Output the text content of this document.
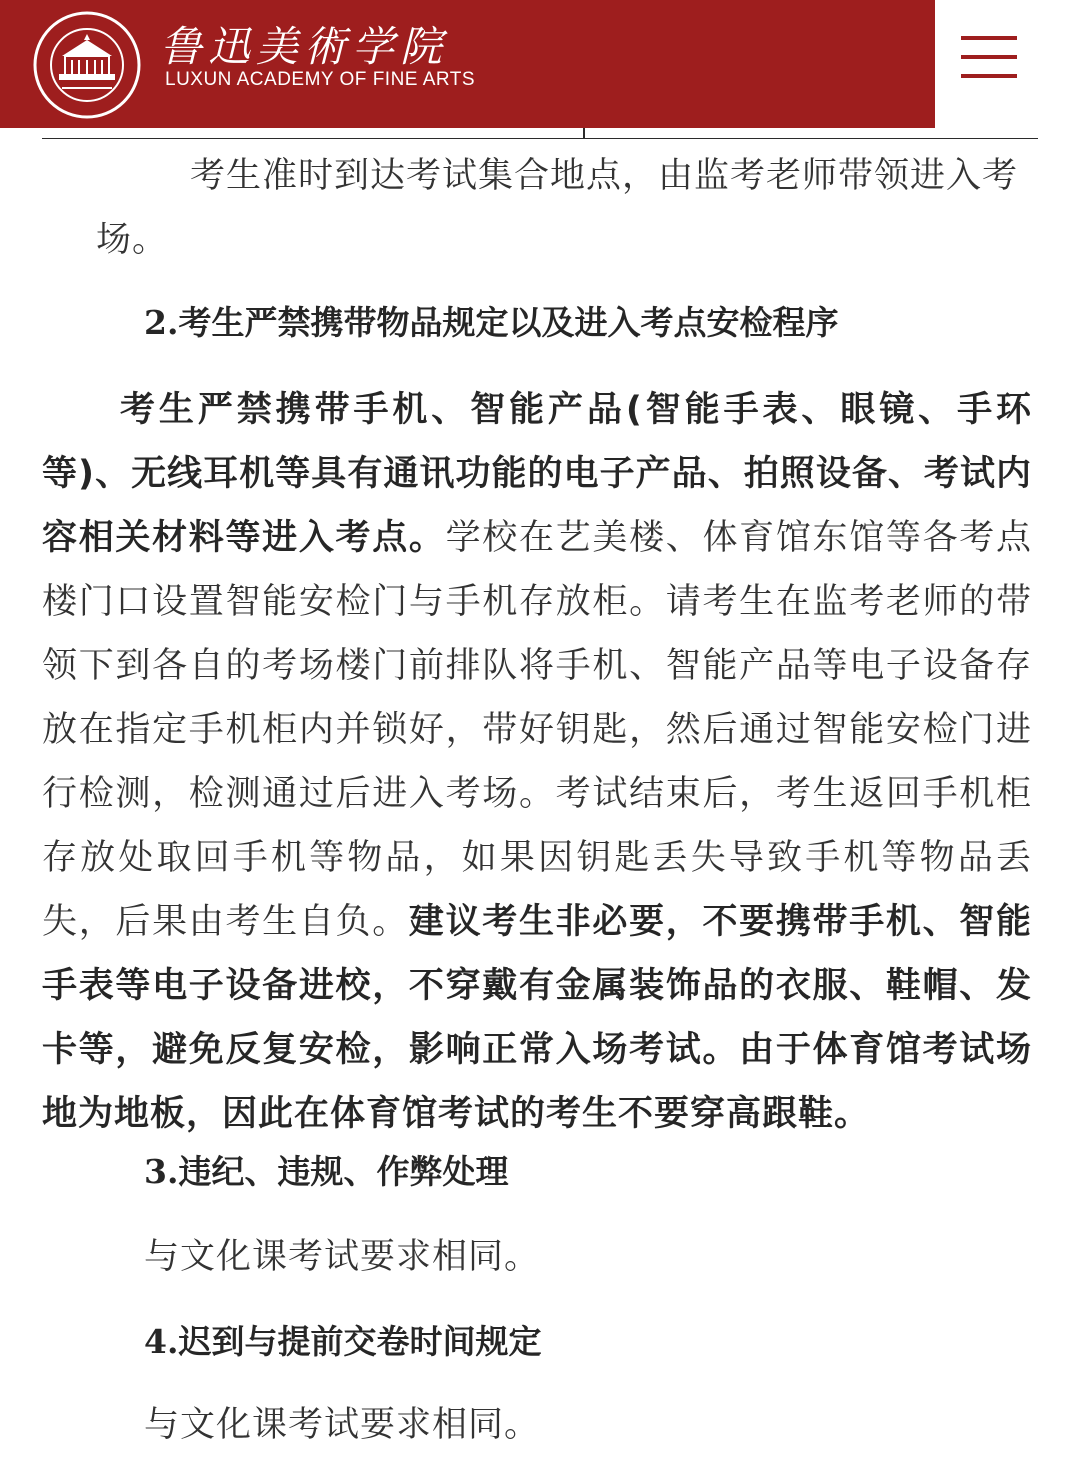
鲁迅美術学院
LUXUN ACADEMY OF FINE ARTS

考生准时到达考试集合地点，由监考老师带领进入考

场。

2.考生严禁携带物品规定以及进入考点安检程序

考生严禁携带手机、智能产品(智能手表、眼镜、手环等)、无线耳机等具有通讯功能的电子产品、拍照设备、考试内容相关材料等进入考点。学校在艺美楼、体育馆东馆等各考点楼门口设置智能安检门与手机存放柜。请考生在监考老师的带领下到各自的考场楼门前排队将手机、智能产品等电子设备存放在指定手机柜内并锁好，带好钥匙，然后通过智能安检门进行检测，检测通过后进入考场。考试结束后，考生返回手机柜存放处取回手机等物品，如果因钥匙丢失导致手机等物品丢失，后果由考生自负。建议考生非必要，不要携带手机、智能手表等电子设备进校，不穿戴有金属装饰品的衣服、鞋帽、发卡等，避免反复安检，影响正常入场考试。由于体育馆考试场地为地板，因此在体育馆考试的考生不要穿高跟鞋。

3.违纪、违规、作弊处理

与文化课考试要求相同。

4.迟到与提前交卷时间规定

与文化课考试要求相同。
